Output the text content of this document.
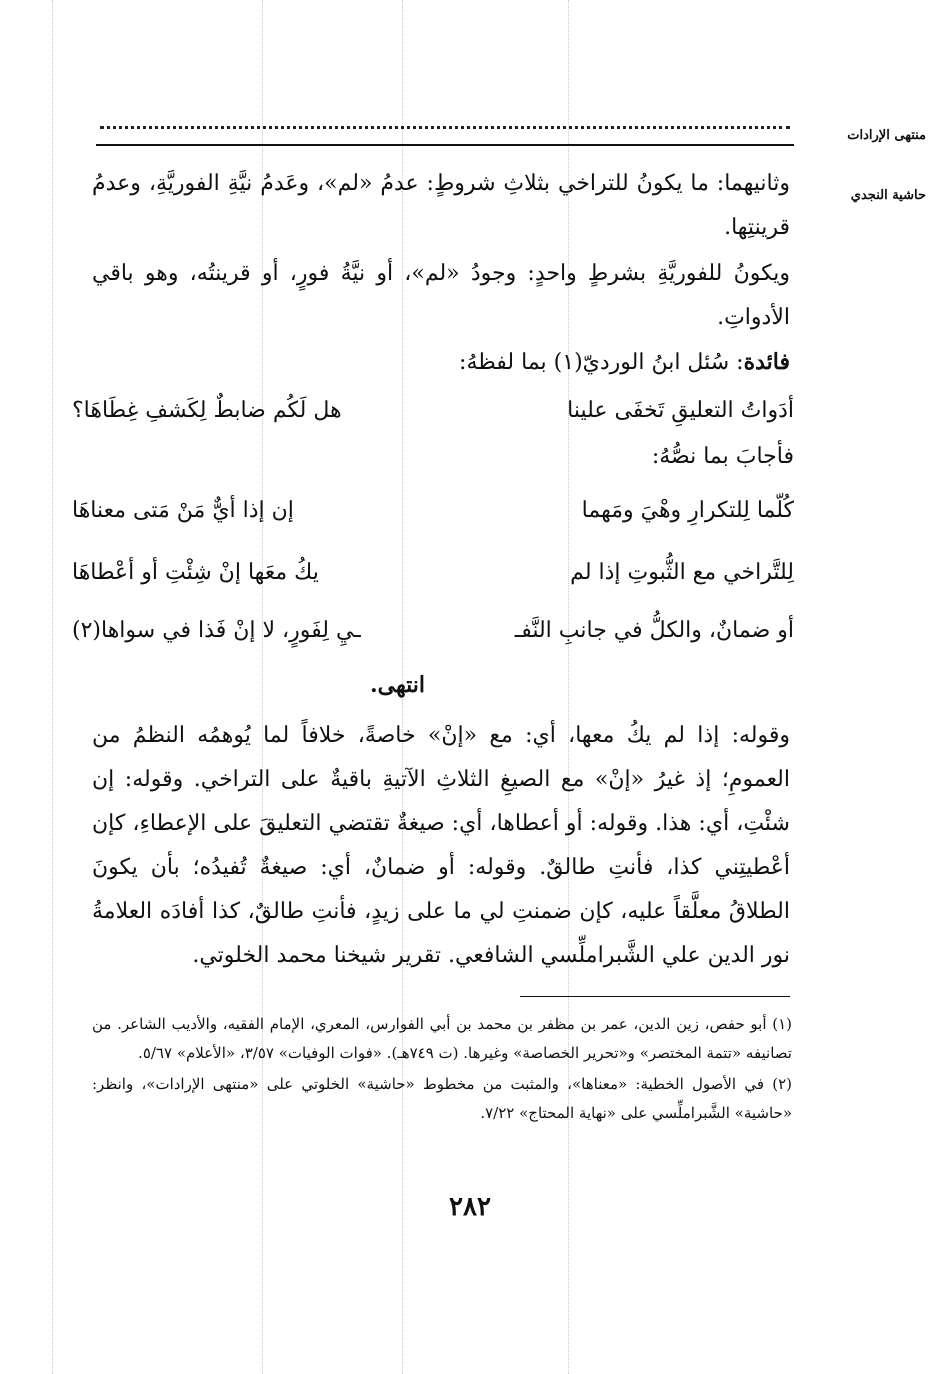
منتهى الإرادات
حاشية النجدي

وثانيهما: ما يكونُ للتراخي بثلاثِ شروطٍ: عدمُ «لم»، وعَدمُ نيَّةِ الفوريَّةِ، وعدمُ قرينتِها.

ويكونُ للفوريَّةِ بشرطٍ واحدٍ: وجودُ «لم»، أو نيَّةُ فورٍ، أو قرينتُه، وهو باقي الأدواتِ.

فائدة: سُئل ابنُ الورديّ(١) بما لفظهُ:

أدَواتُ التعليقِ تَخفَى علينا
هل لَكُم ضابطٌ لِكَشفِ غِطَاهَا؟
فأجابَ بما نصُّهُ:
كُلّما لِلتكرارِ وهْيَ ومَهما
إن إذا أيٌّ مَنْ مَتى معناهَا
لِلتَّراخي مع الثُّبوتِ إذا لم
يكُ معَها إنْ شِئْتِ أو أعْطاهَا
أو ضمانٌ، والكلُّ في جانبِ النَّفـ
ـيِ لِفَورٍ، لا إنْ فَذا في سواها(٢)
انتهى.

وقوله: إذا لم يكُ معها، أي: مع «إنْ» خاصةً، خلافاً لما يُوهمُه النظمُ من العمومِ؛ إذ غيرُ «إنْ» مع الصيغِ الثلاثِ الآتيةِ باقيةٌ على التراخي. وقوله: إن شئْتِ، أي: هذا. وقوله: أو أعطاها، أي: صيغةٌ تقتضي التعليقَ على الإعطاءِ، كإن أعْطيتِني كذا، فأنتِ طالقٌ. وقوله: أو ضمانٌ، أي: صيغةٌ تُفيدُه؛ بأن يكونَ الطلاقُ معلَّقاً عليه، كإن ضمنتِ لي ما على زيدٍ، فأنتِ طالقٌ، كذا أفادَه العلامةُ نور الدين علي الشَّبراملِّسي الشافعي. تقرير شيخنا محمد الخلوتي.

(١) أبو حفص، زين الدين، عمر بن مظفر بن محمد بن أبي الفوارس، المعري، الإمام الفقيه، والأديب الشاعر. من تصانيفه «تتمة المختصر» و«تحرير الخصاصة» وغيرها. (ت ٧٤٩هـ). «فوات الوفيات» ٣/٥٧، «الأعلام» ٥/٦٧.

(٢) في الأصول الخطية: «معناها»، والمثبت من مخطوط «حاشية» الخلوتي على «منتهى الإرادات»، وانظر: «حاشية» الشَّبراملِّسي على «نهاية المحتاج» ٧/٢٢.

٢٨٢
